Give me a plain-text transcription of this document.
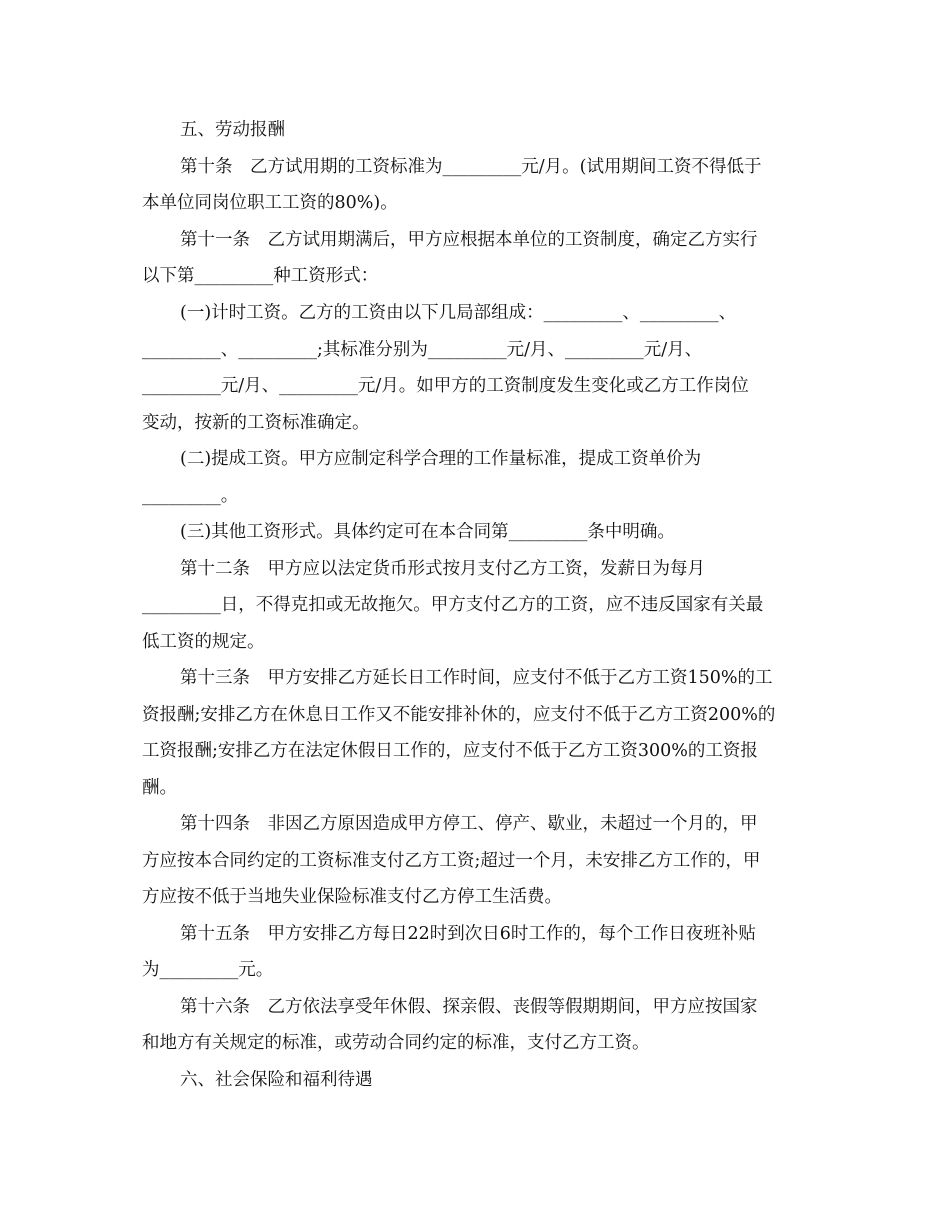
五、劳动报酬
第十条　乙方试用期的工资标准为_________元/月。(试用期间工资不得低于
本单位同岗位职工工资的80%)。
第十一条　乙方试用期满后，甲方应根据本单位的工资制度，确定乙方实行
以下第_________种工资形式：
(一)计时工资。乙方的工资由以下几局部组成：_________、_________、
_________、_________;其标准分别为_________元/月、_________元/月、
_________元/月、_________元/月。如甲方的工资制度发生变化或乙方工作岗位
变动，按新的工资标准确定。
(二)提成工资。甲方应制定科学合理的工作量标准，提成工资单价为
_________。
(三)其他工资形式。具体约定可在本合同第_________条中明确。
第十二条　甲方应以法定货币形式按月支付乙方工资，发薪日为每月
_________日，不得克扣或无故拖欠。甲方支付乙方的工资，应不违反国家有关最
低工资的规定。
第十三条　甲方安排乙方延长日工作时间，应支付不低于乙方工资150%的工
资报酬;安排乙方在休息日工作又不能安排补休的，应支付不低于乙方工资200%的
工资报酬;安排乙方在法定休假日工作的，应支付不低于乙方工资300%的工资报
酬。
第十四条　非因乙方原因造成甲方停工、停产、歇业，未超过一个月的，甲
方应按本合同约定的工资标准支付乙方工资;超过一个月，未安排乙方工作的，甲
方应按不低于当地失业保险标准支付乙方停工生活费。
第十五条　甲方安排乙方每日22时到次日6时工作的，每个工作日夜班补贴
为_________元。
第十六条　乙方依法享受年休假、探亲假、丧假等假期期间，甲方应按国家
和地方有关规定的标准，或劳动合同约定的标准，支付乙方工资。
六、社会保险和福利待遇
